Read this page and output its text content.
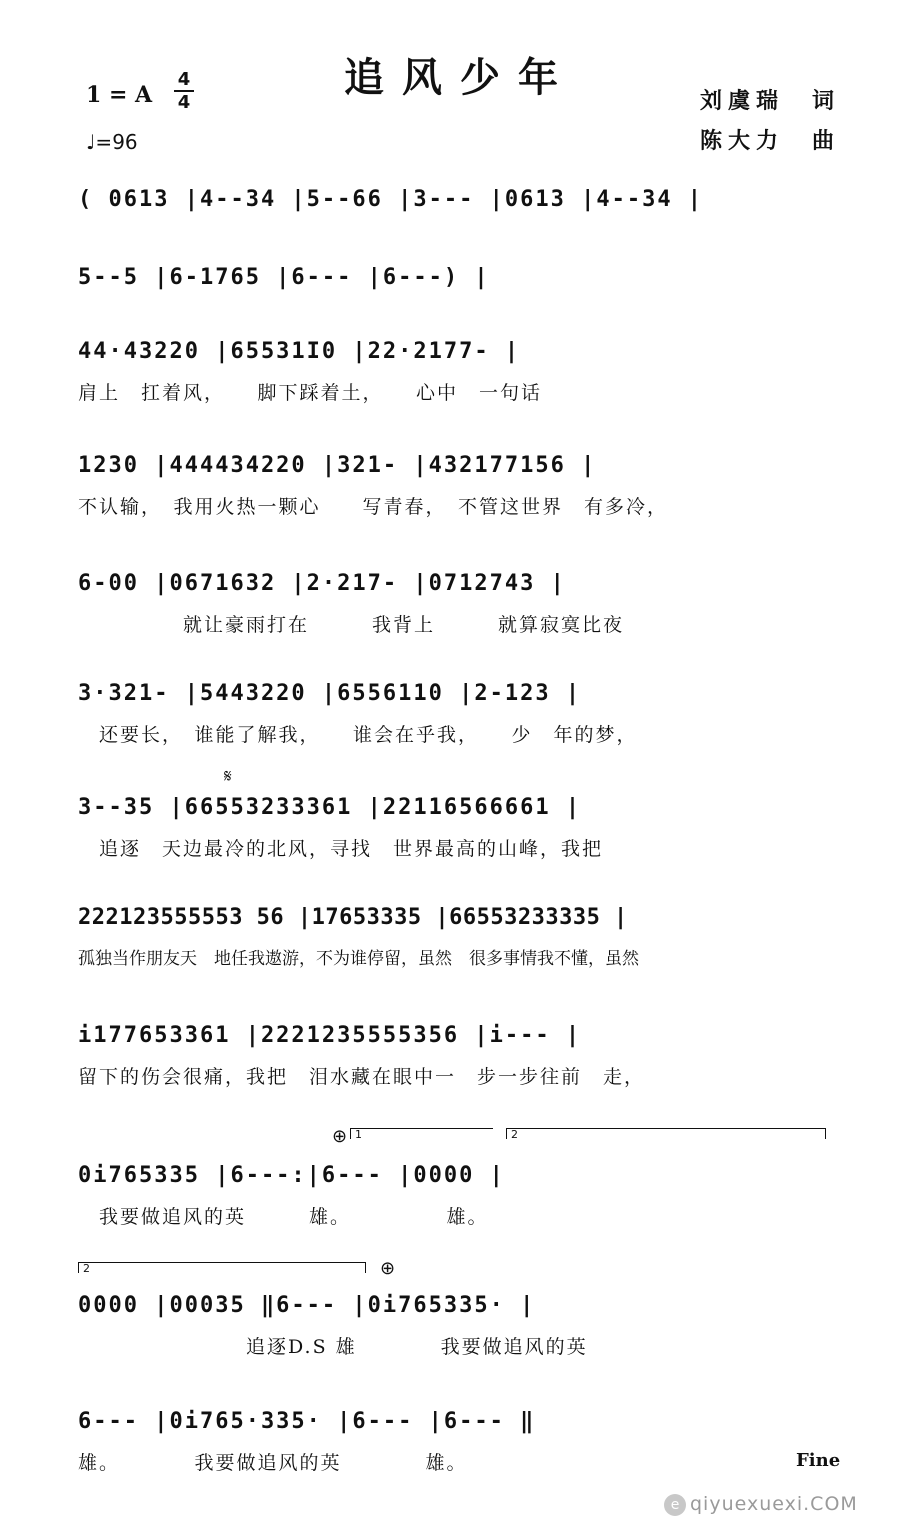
追风少年
1 = A
4
4
♩=96
刘虞瑞　词
陈大力　曲
( 0613 |4--34 |5--66 |3--- |0613 |4--34 |
5--5 |6-1765 |6--- |6---) |
44·43220 |65531I0 |22·2177- |
肩上　扛着风，　　脚下踩着土，　　心中　一句话
1230 |444434220 |321- |432177156 |
不认输，　我用火热一颗心　　写青春，　不管这世界　有多冷，
6-00 |0671632 |2·217- |0712743 |
　　　　　就让豪雨打在　　　我背上　　　就算寂寞比夜
3·321- |5443220 |6556110 |2-123 |
　还要长，　谁能了解我，　　谁会在乎我，　　少　年的梦，
𝄋
3--35 |66553233361 |22116566661 |
　追逐　天边最冷的北风，寻找　世界最高的山峰，我把
222123555553 56 |17653335 |66553233335 |
孤独当作朋友天　地任我遨游，不为谁停留，虽然　很多事情我不懂，虽然
i177653361 |2221235555356 |i--- |
留下的伤会很痛，我把　泪水藏在眼中一　步一步往前　走，
⊕ 1	2
0i765335 |6---:|6--- |0000 |
　我要做追风的英　　　雄。　　　　　雄。
2	⊕
0000 |00035 ‖6--- |0i765335· |
　　　　　　　　追逐D.S 雄　　　　我要做追风的英
6--- |0i765·335· |6--- |6--- ‖
雄。　　　　我要做追风的英　　　　雄。	Fine
e qiyuexuexi.COM
